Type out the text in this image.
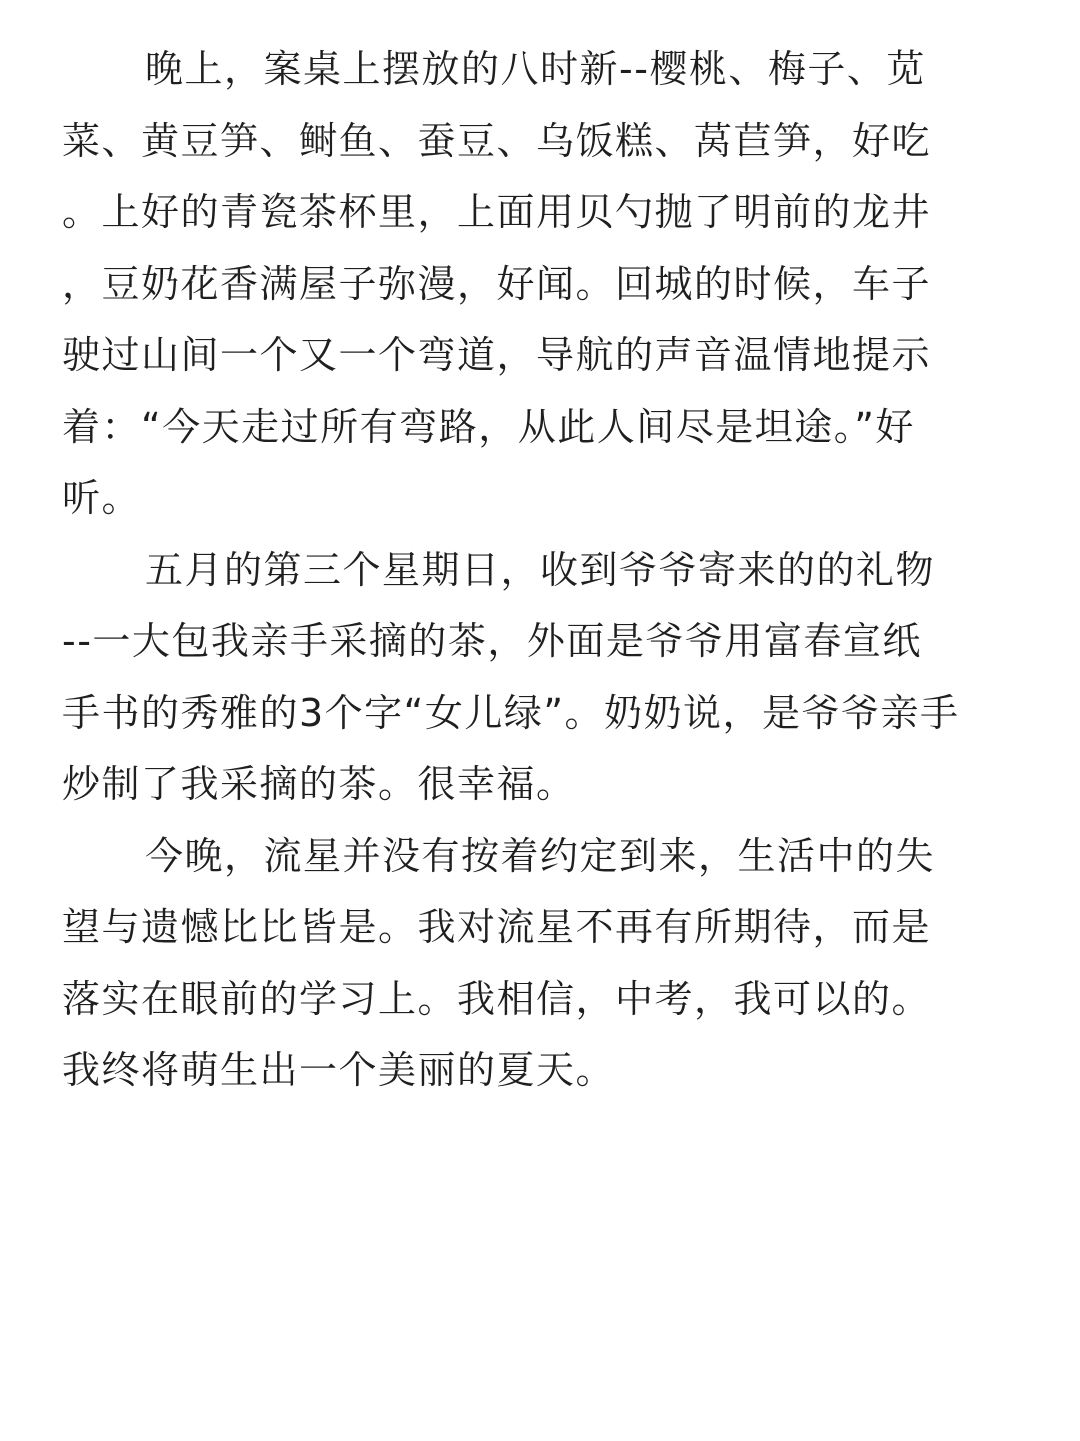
晚上，案桌上摆放的八时新--樱桃、梅子、苋
菜、黄豆笋、鲥鱼、蚕豆、乌饭糕、莴苣笋，好吃
。上好的青瓷茶杯里，上面用贝勺抛了明前的龙井
，豆奶花香满屋子弥漫，好闻。回城的时候，车子
驶过山间一个又一个弯道，导航的声音温情地提示
着：“今天走过所有弯路，从此人间尽是坦途。”好
听。
五月的第三个星期日，收到爷爷寄来的的礼物
--一大包我亲手采摘的茶，外面是爷爷用富春宣纸
手书的秀雅的3个字“女儿绿”。奶奶说，是爷爷亲手
炒制了我采摘的茶。很幸福。
今晚，流星并没有按着约定到来，生活中的失
望与遗憾比比皆是。我对流星不再有所期待，而是
落实在眼前的学习上。我相信，中考，我可以的。
我终将萌生出一个美丽的夏天。
